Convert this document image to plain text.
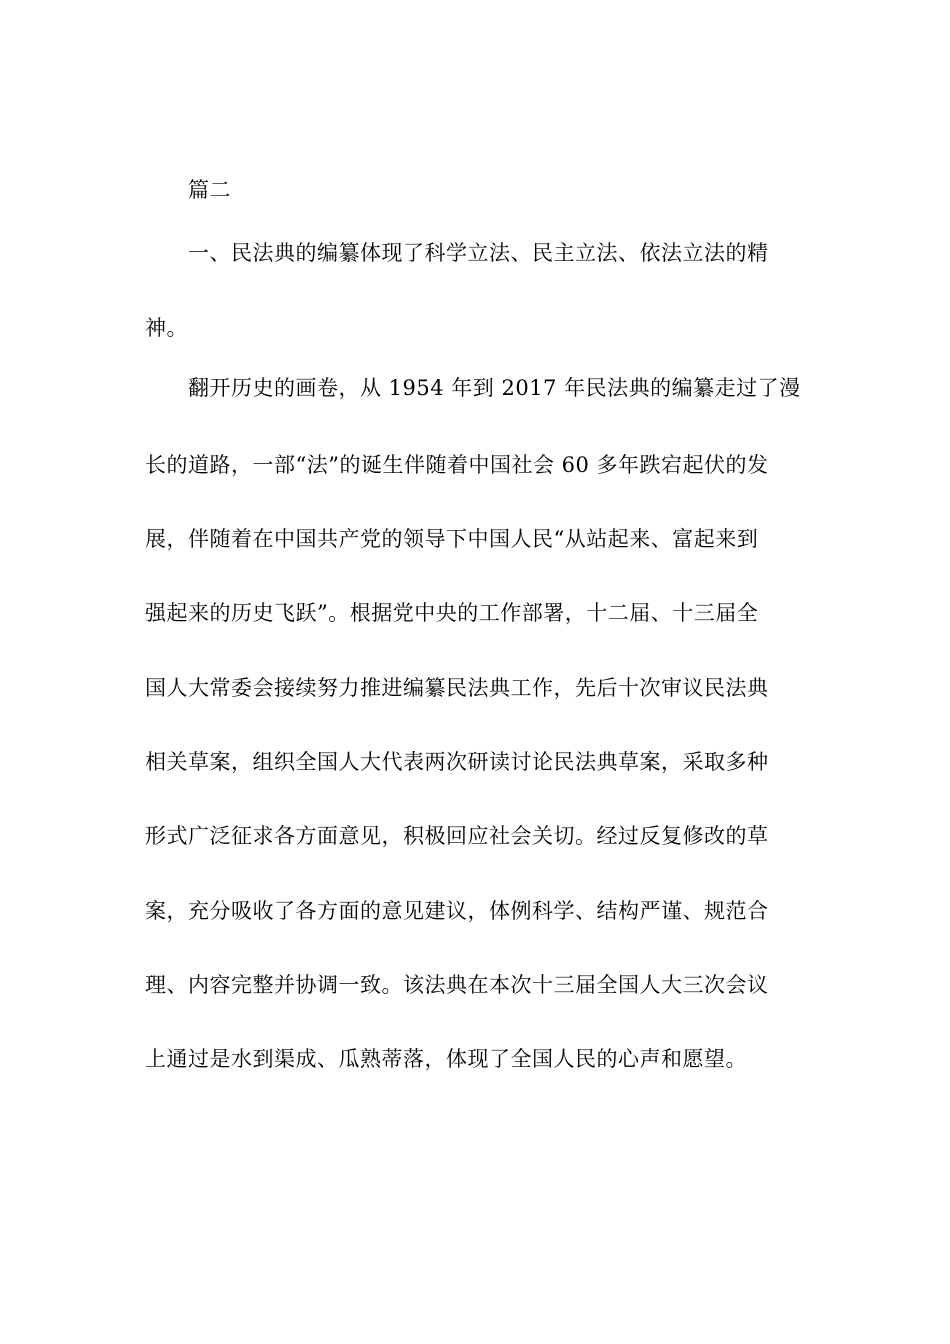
篇二
一、民法典的编纂体现了科学立法、民主立法、依法立法的精
神。
翻开历史的画卷，从 1954 年到 2017 年民法典的编纂走过了漫
长的道路，一部“法”的诞生伴随着中国社会 60 多年跌宕起伏的发
展，伴随着在中国共产党的领导下中国人民“从站起来、富起来到
强起来的历史飞跃”。根据党中央的工作部署，十二届、十三届全
国人大常委会接续努力推进编纂民法典工作，先后十次审议民法典
相关草案，组织全国人大代表两次研读讨论民法典草案，采取多种
形式广泛征求各方面意见，积极回应社会关切。经过反复修改的草
案，充分吸收了各方面的意见建议，体例科学、结构严谨、规范合
理、内容完整并协调一致。该法典在本次十三届全国人大三次会议
上通过是水到渠成、瓜熟蒂落，体现了全国人民的心声和愿望。
